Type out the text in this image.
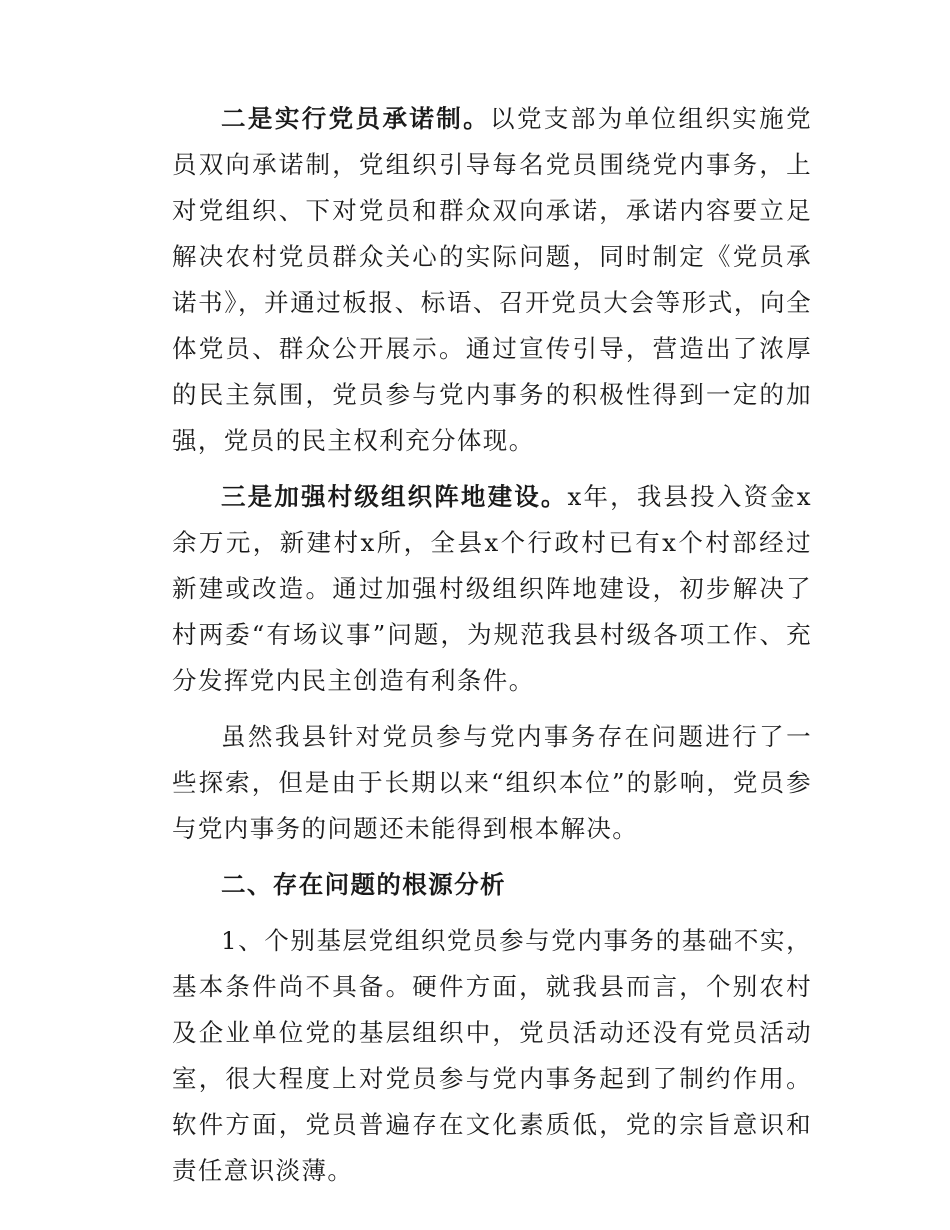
二是实行党员承诺制。以党支部为单位组织实施党员双向承诺制，党组织引导每名党员围绕党内事务，上对党组织、下对党员和群众双向承诺，承诺内容要立足解决农村党员群众关心的实际问题，同时制定《党员承诺书》，并通过板报、标语、召开党员大会等形式，向全体党员、群众公开展示。通过宣传引导，营造出了浓厚的民主氛围，党员参与党内事务的积极性得到一定的加强，党员的民主权利充分体现。

三是加强村级组织阵地建设。x年，我县投入资金x余万元，新建村x所，全县x个行政村已有x个村部经过新建或改造。通过加强村级组织阵地建设，初步解决了村两委“有场议事”问题，为规范我县村级各项工作、充分发挥党内民主创造有利条件。

虽然我县针对党员参与党内事务存在问题进行了一些探索，但是由于长期以来“组织本位”的影响，党员参与党内事务的问题还未能得到根本解决。

二、存在问题的根源分析

1、个别基层党组织党员参与党内事务的基础不实，基本条件尚不具备。硬件方面，就我县而言，个别农村及企业单位党的基层组织中，党员活动还没有党员活动室，很大程度上对党员参与党内事务起到了制约作用。软件方面，党员普遍存在文化素质低，党的宗旨意识和责任意识淡薄。
